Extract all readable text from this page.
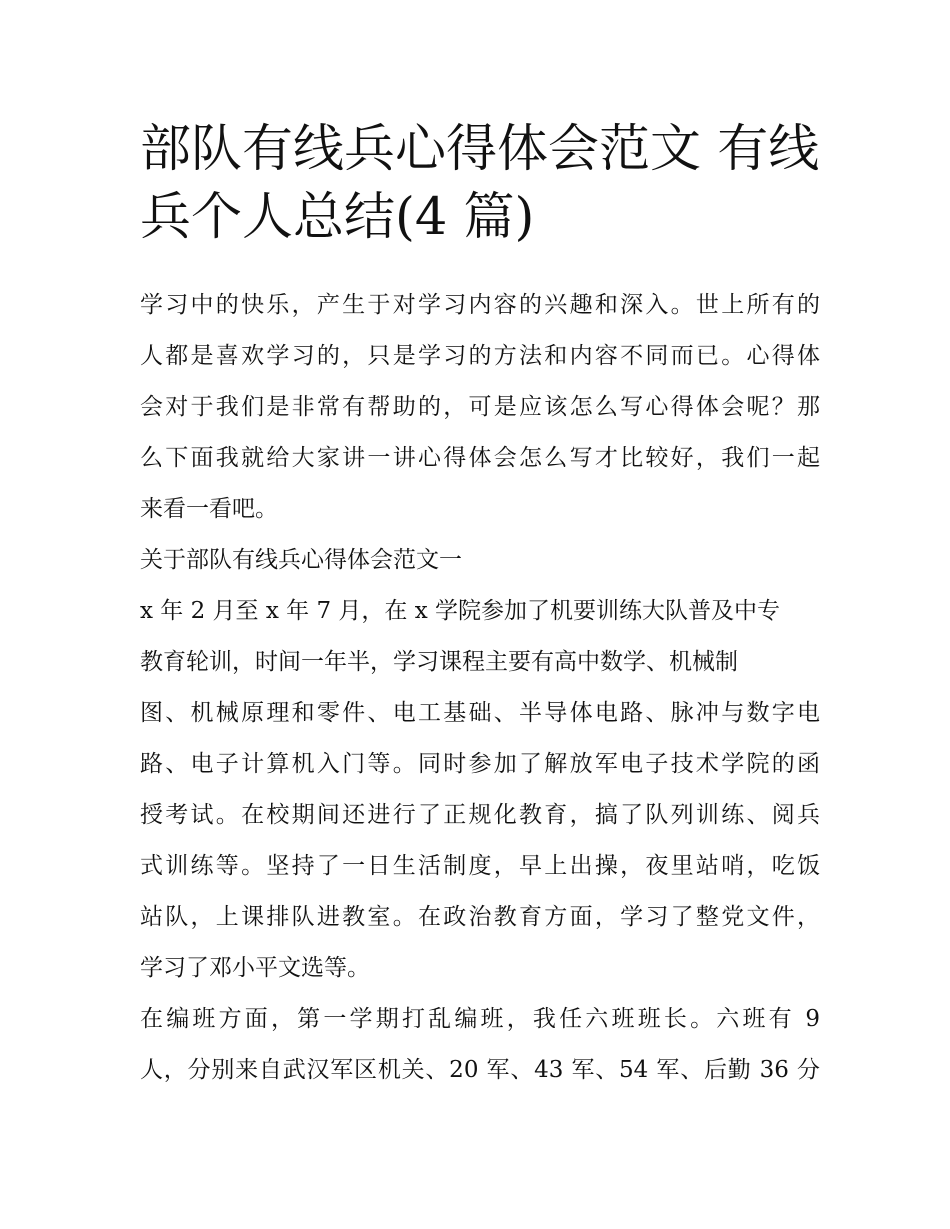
部队有线兵心得体会范文 有线
兵个人总结(4 篇)
学习中的快乐，产生于对学习内容的兴趣和深入。世上所有的
人都是喜欢学习的，只是学习的方法和内容不同而已。心得体
会对于我们是非常有帮助的，可是应该怎么写心得体会呢？那
么下面我就给大家讲一讲心得体会怎么写才比较好，我们一起
来看一看吧。
关于部队有线兵心得体会范文一
x 年 2 月至 x 年 7 月，在 x 学院参加了机要训练大队普及中专
教育轮训，时间一年半，学习课程主要有高中数学、机械制
图、机械原理和零件、电工基础、半导体电路、脉冲与数字电
路、电子计算机入门等。同时参加了解放军电子技术学院的函
授考试。在校期间还进行了正规化教育，搞了队列训练、阅兵
式训练等。坚持了一日生活制度，早上出操，夜里站哨，吃饭
站队，上课排队进教室。在政治教育方面，学习了整党文件，
学习了邓小平文选等。
在编班方面，第一学期打乱编班，我任六班班长。六班有 9
人，分别来自武汉军区机关、20 军、43 军、54 军、后勤 36 分
